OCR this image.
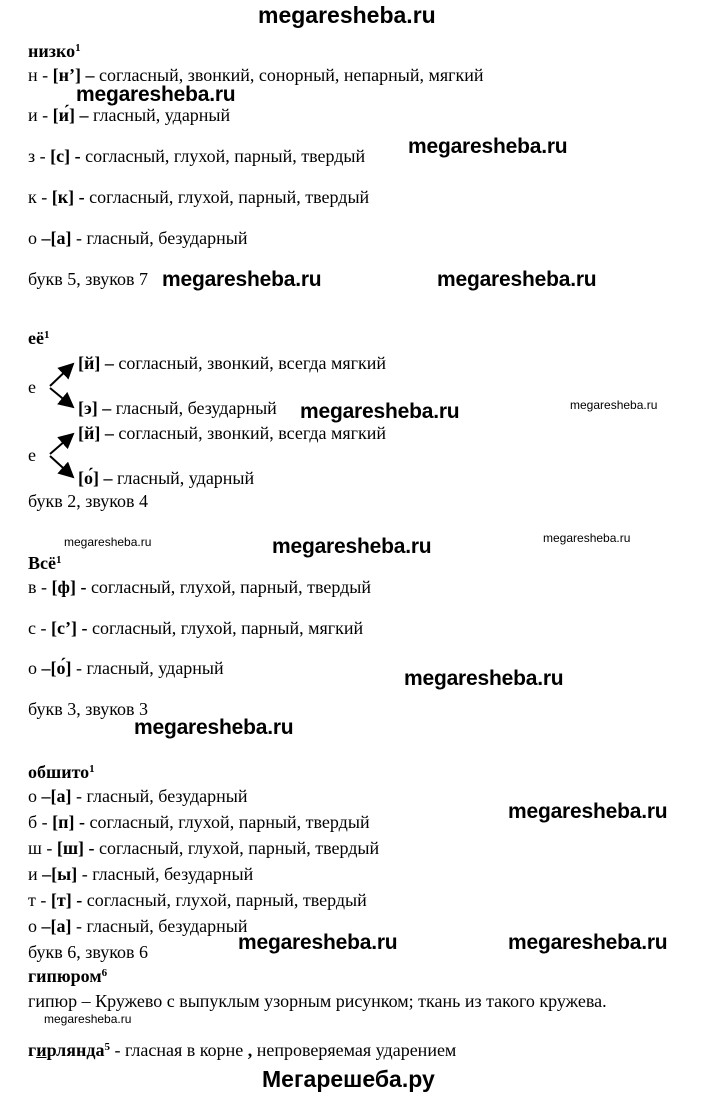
megaresheba.ru
низко$^1$
н - [н’] – согласный, звонкий, сонорный, непарный, мягкий
и - [и́] – гласный, ударный
з - [с] - согласный, глухой, парный, твердый
к - [к] - согласный, глухой, парный, твердый
о –[а] - гласный, безударный
букв 5, звуков 7
$её^1$
е
[й] – согласный, звонкий, всегда мягкий
[э] – гласный, безударный
е
[й] – согласный, звонкий, всегда мягкий
[о́] – гласный, ударный
букв 2, звуков 4
Всё$^1$
в - [ф] - согласный, глухой, парный, твердый
с - [с’] - согласный, глухой, парный, мягкий
о –[о́] - гласный, ударный
букв 3, звуков 3
обшито$^1$
о –[а] - гласный, безударный
б - [п] - согласный, глухой, парный, твердый
ш - [ш] - согласный, глухой, парный, твердый
и –[ы] - гласный, безударный
т - [т] - согласный, глухой, парный, твердый
о –[а] - гласный, безударный
букв 6, звуков 6
гипюром$^6$
гипюр – Кружево с выпуклым узорным рисунком; ткань из такого кружева.
гирлянда$^5$ - гласная в корне , непроверяемая ударением
Мегарешеба.ру
megaresheba.ru
megaresheba.ru
megaresheba.ru	megaresheba.ru
megaresheba.ru	megaresheba.ru
megaresheba.ru	megaresheba.ru	megaresheba.ru
megaresheba.ru
megaresheba.ru
megaresheba.ru
megaresheba.ru	megaresheba.ru
megaresheba.ru
